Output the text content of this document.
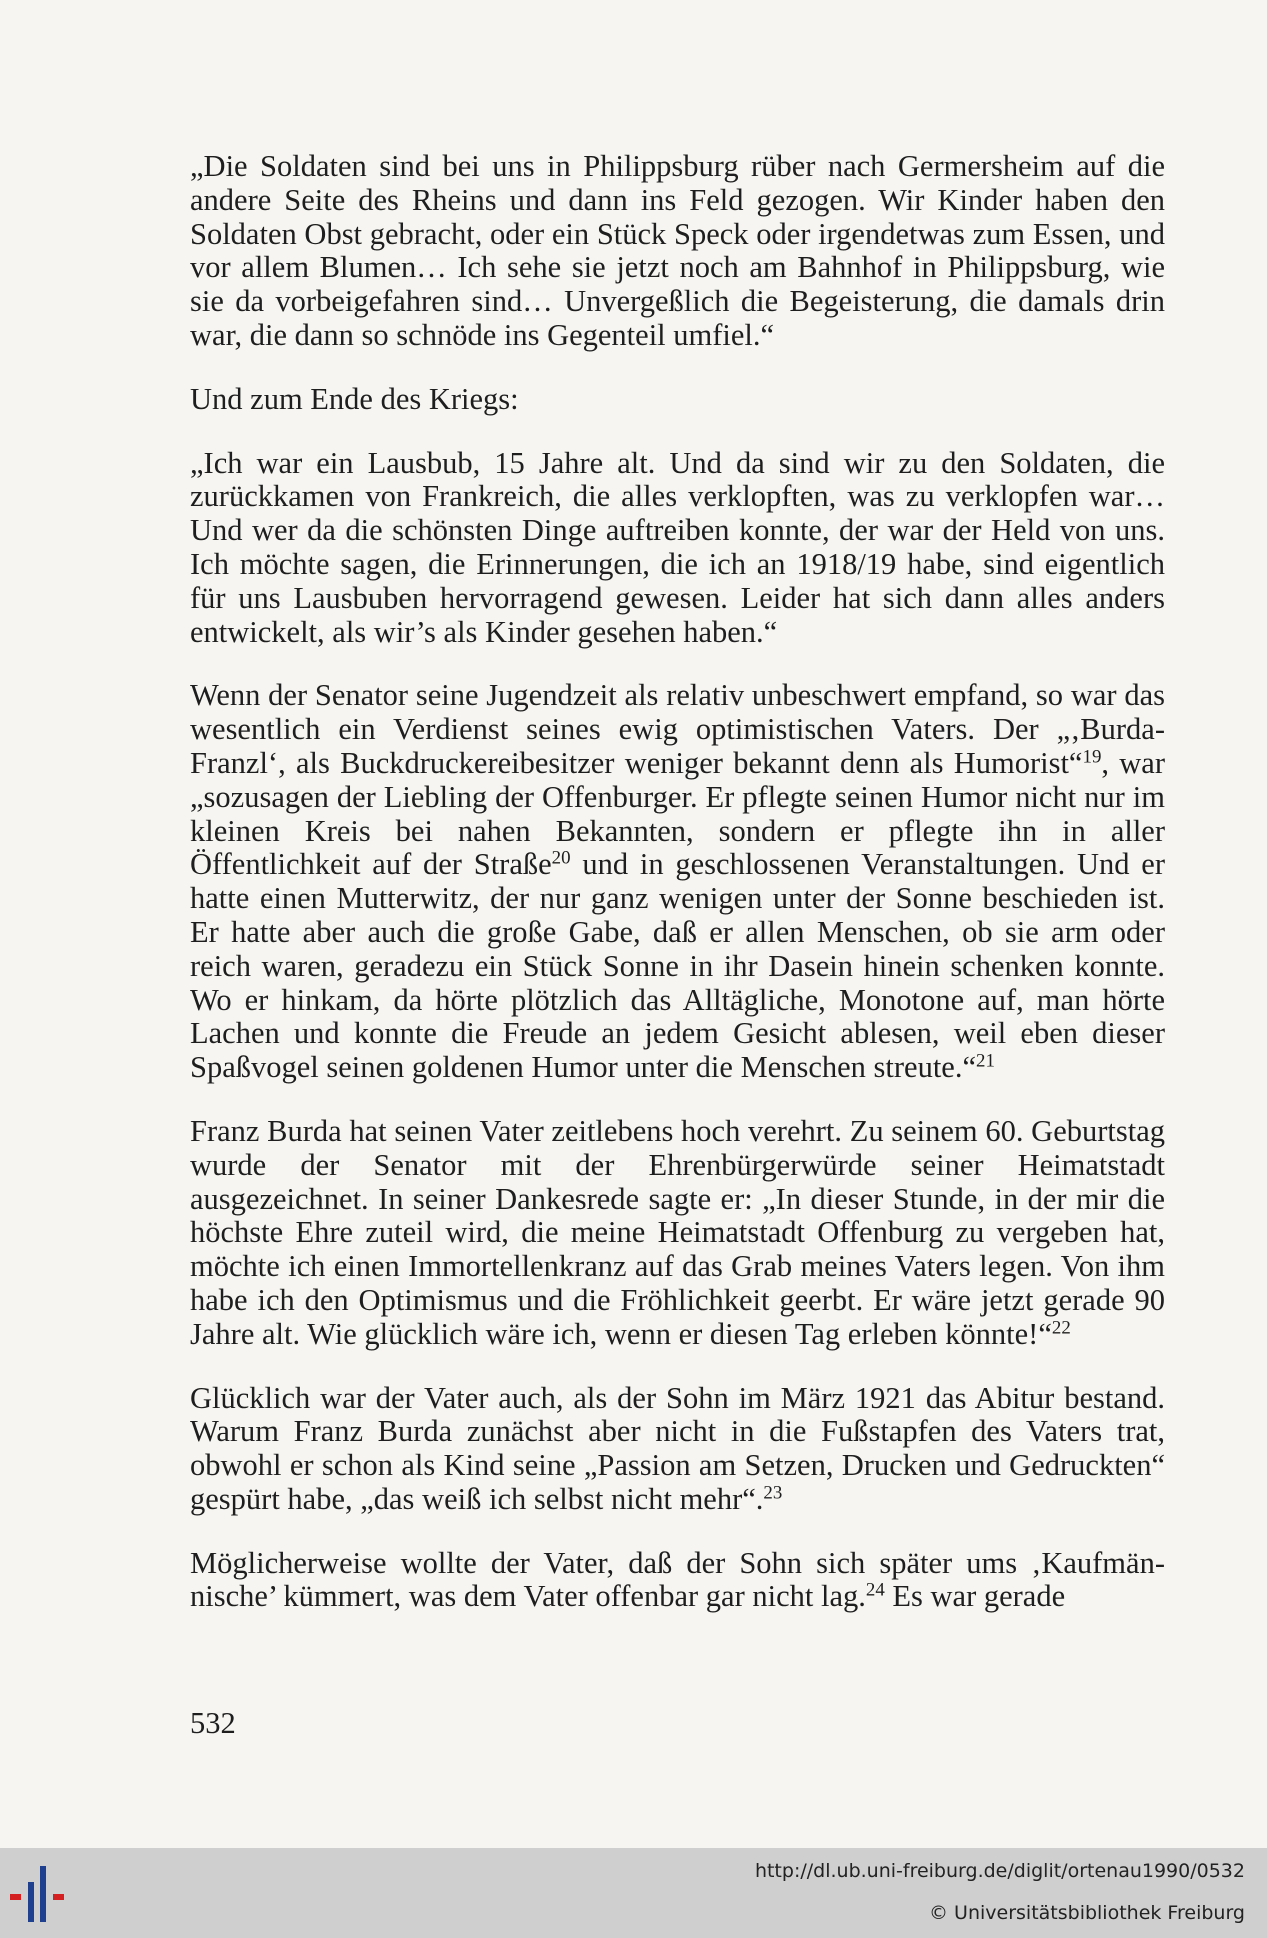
„Die Soldaten sind bei uns in Philippsburg rüber nach Germersheim auf die andere Seite des Rheins und dann ins Feld gezogen. Wir Kinder haben den Soldaten Obst gebracht, oder ein Stück Speck oder irgendetwas zum Essen, und vor allem Blumen… Ich sehe sie jetzt noch am Bahnhof in Philippsburg, wie sie da vorbeigefahren sind… Unvergeßlich die Begeisterung, die damals drin war, die dann so schnöde ins Gegenteil umfiel.“

Und zum Ende des Kriegs:

„Ich war ein Lausbub, 15 Jahre alt. Und da sind wir zu den Soldaten, die zurückkamen von Frankreich, die alles verklopften, was zu verklopfen war… Und wer da die schönsten Dinge auftreiben konnte, der war der Held von uns. Ich möchte sagen, die Erinnerungen, die ich an 1918/19 habe, sind eigentlich für uns Lausbuben hervorragend gewesen. Leider hat sich dann alles anders entwickelt, als wir’s als Kinder gesehen haben.“

Wenn der Senator seine Jugendzeit als relativ unbeschwert empfand, so war das wesentlich ein Verdienst seines ewig optimistischen Vaters. Der „‚Burda-Franzl‘, als Buckdruckereibesitzer weniger bekannt denn als Humorist“$^{19}$, war „sozusagen der Liebling der Offenburger. Er pflegte seinen Humor nicht nur im kleinen Kreis bei nahen Bekannten, sondern er pflegte ihn in aller Öffentlichkeit auf der Straße$^{20}$ und in geschlossenen Veranstaltungen. Und er hatte einen Mutterwitz, der nur ganz wenigen unter der Sonne beschieden ist. Er hatte aber auch die große Gabe, daß er allen Menschen, ob sie arm oder reich waren, geradezu ein Stück Sonne in ihr Dasein hinein schenken konnte. Wo er hinkam, da hörte plötzlich das Alltägliche, Monotone auf, man hörte Lachen und konnte die Freude an jedem Gesicht ablesen, weil eben dieser Spaßvogel seinen goldenen Humor unter die Menschen streute.“$^{21}$

Franz Burda hat seinen Vater zeitlebens hoch verehrt. Zu seinem 60. Geburtstag wurde der Senator mit der Ehrenbürgerwürde seiner Heimatstadt ausgezeichnet. In seiner Dankesrede sagte er: „In dieser Stunde, in der mir die höchste Ehre zuteil wird, die meine Heimatstadt Offenburg zu vergeben hat, möchte ich einen Immortellenkranz auf das Grab meines Vaters legen. Von ihm habe ich den Optimismus und die Fröhlichkeit geerbt. Er wäre jetzt gerade 90 Jahre alt. Wie glücklich wäre ich, wenn er diesen Tag erleben könnte!“$^{22}$

Glücklich war der Vater auch, als der Sohn im März 1921 das Abitur bestand. Warum Franz Burda zunächst aber nicht in die Fußstapfen des Vaters trat, obwohl er schon als Kind seine „Passion am Setzen, Drucken und Gedruckten“ gespürt habe, „das weiß ich selbst nicht mehr“.$^{23}$

Möglicherweise wollte der Vater, daß der Sohn sich später ums ‚Kaufmännische’ kümmert, was dem Vater offenbar gar nicht lag.$^{24}$ Es war gerade

532
http://dl.ub.uni-freiburg.de/diglit/ortenau1990/0532
© Universitätsbibliothek Freiburg
